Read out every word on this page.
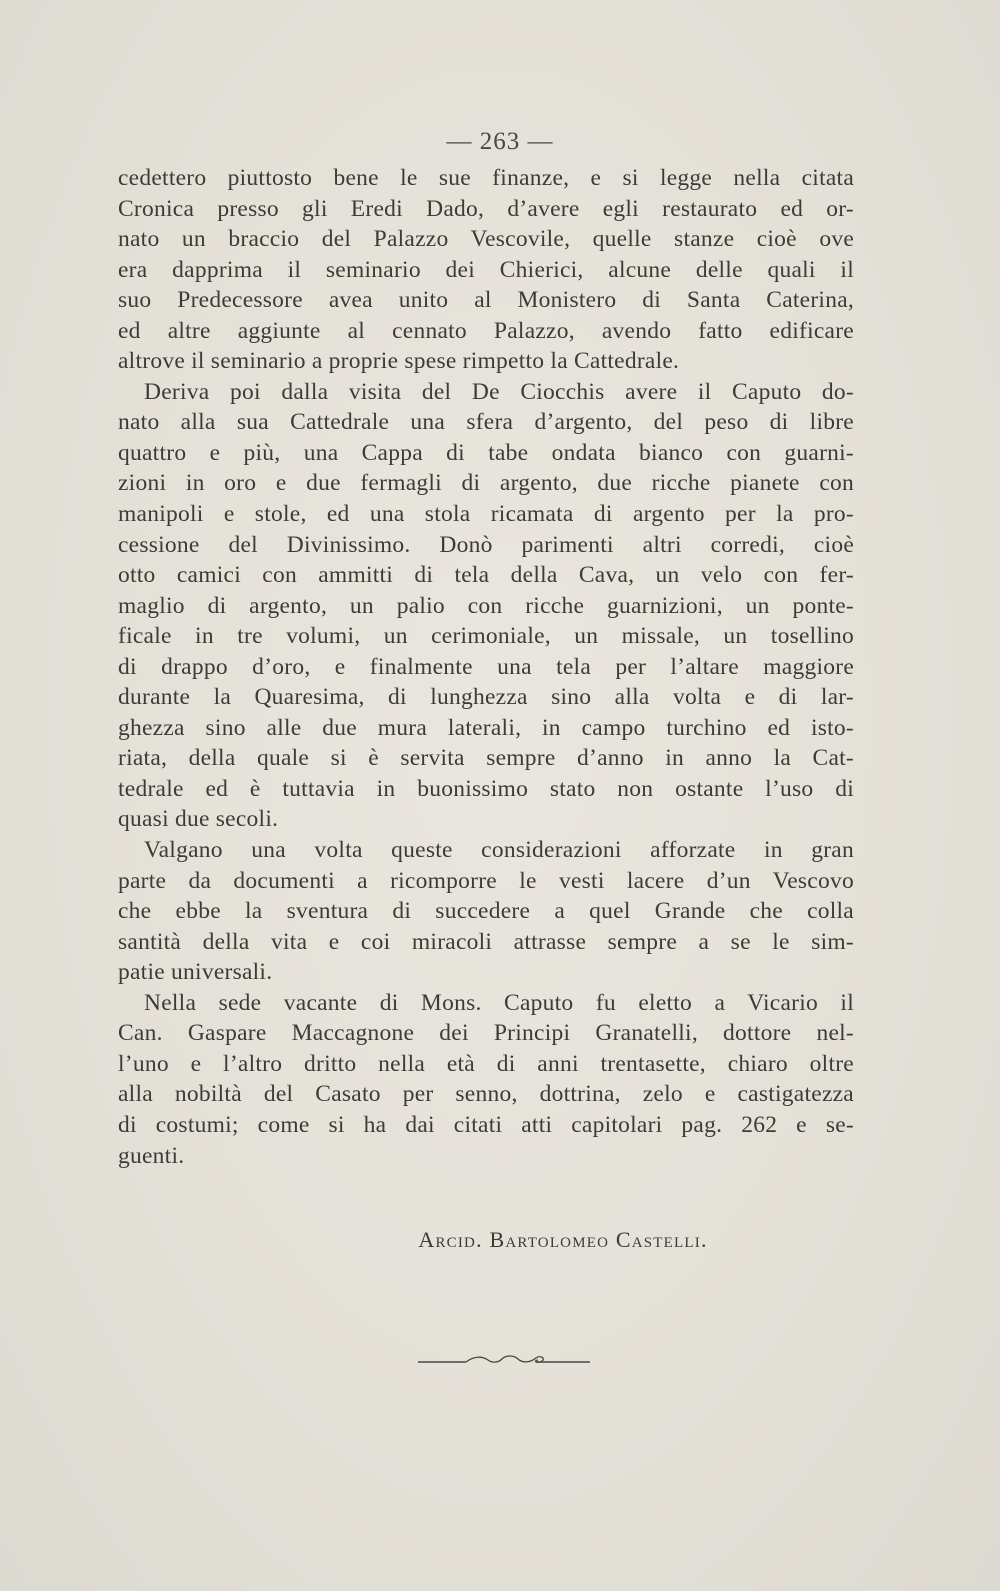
— 263 —
cedettero piuttosto bene le sue finanze, e si legge nella citata
Cronica presso gli Eredi Dado, d’avere egli restaurato ed or-
nato un braccio del Palazzo Vescovile, quelle stanze cioè ove
era dapprima il seminario dei Chierici, alcune delle quali il
suo Predecessore avea unito al Monistero di Santa Caterina,
ed altre aggiunte al cennato Palazzo, avendo fatto edificare
altrove il seminario a proprie spese rimpetto la Cattedrale.
Deriva poi dalla visita del De Ciocchis avere il Caputo do-
nato alla sua Cattedrale una sfera d’argento, del peso di libre
quattro e più, una Cappa di tabe ondata bianco con guarni-
zioni in oro e due fermagli di argento, due ricche pianete con
manipoli e stole, ed una stola ricamata di argento per la pro-
cessione del Divinissimo. Donò parimenti altri corredi, cioè
otto camici con ammitti di tela della Cava, un velo con fer-
maglio di argento, un palio con ricche guarnizioni, un ponte-
ficale in tre volumi, un cerimoniale, un missale, un tosellino
di drappo d’oro, e finalmente una tela per l’altare maggiore
durante la Quaresima, di lunghezza sino alla volta e di lar-
ghezza sino alle due mura laterali, in campo turchino ed isto-
riata, della quale si è servita sempre d’anno in anno la Cat-
tedrale ed è tuttavia in buonissimo stato non ostante l’uso di
quasi due secoli.
Valgano una volta queste considerazioni afforzate in gran
parte da documenti a ricomporre le vesti lacere d’un Vescovo
che ebbe la sventura di succedere a quel Grande che colla
santità della vita e coi miracoli attrasse sempre a se le sim-
patie universali.
Nella sede vacante di Mons. Caputo fu eletto a Vicario il
Can. Gaspare Maccagnone dei Principi Granatelli, dottore nel-
l’uno e l’altro dritto nella età di anni trentasette, chiaro oltre
alla nobiltà del Casato per senno, dottrina, zelo e castigatezza
di costumi; come si ha dai citati atti capitolari pag. 262 e se-
guenti.
Arcid. Bartolomeo Castelli.
